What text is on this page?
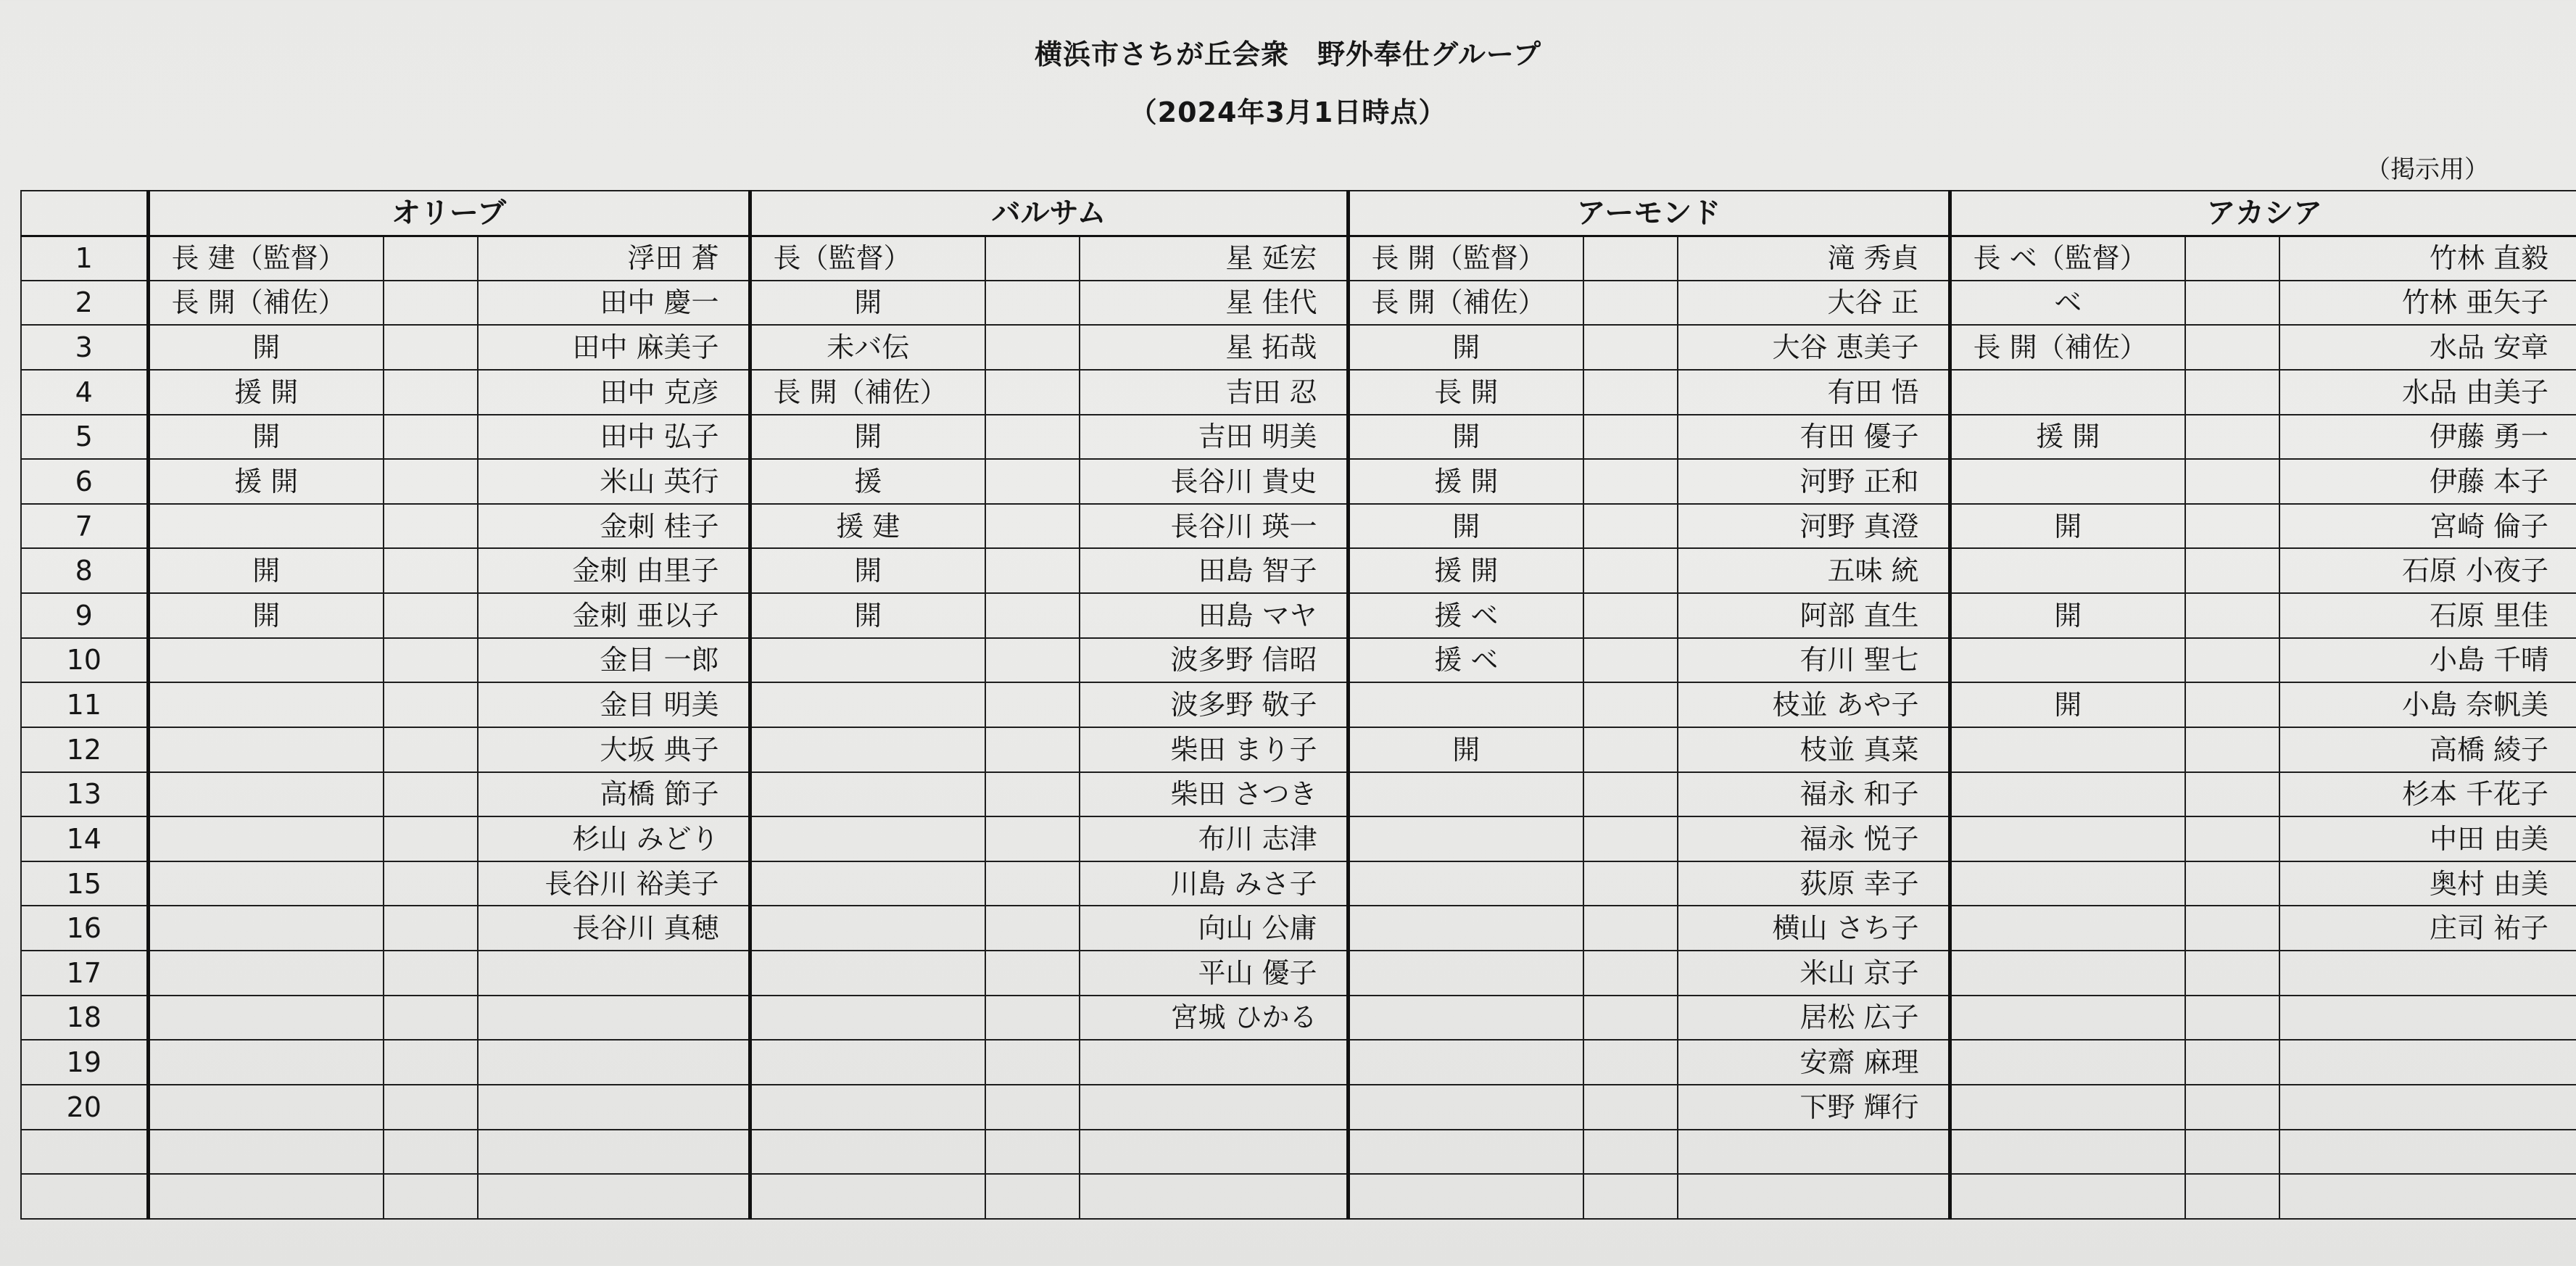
横浜市さちが丘会衆　野外奉仕グループ
（2024年3月1日時点）
（掲示用）
	オリーブ			バルサム			アーモンド			アカシア		
1	長 建（監督）		浮田 蒼	長（監督）		星 延宏	長 開（監督）		滝 秀貞	長 ベ（監督）		竹林 直毅
2	長 開（補佐）		田中 慶一	開		星 佳代	長 開（補佐）		大谷 正	ベ		竹林 亜矢子
3	開		田中 麻美子	未バ伝		星 拓哉	開		大谷 恵美子	長 開（補佐）		水品 安章
4	援 開		田中 克彦	長 開（補佐）		吉田 忍	長 開		有田 悟			水品 由美子
5	開		田中 弘子	開		吉田 明美	開		有田 優子	援 開		伊藤 勇一
6	援 開		米山 英行	援		長谷川 貴史	援 開		河野 正和			伊藤 本子
7			金刺 桂子	援 建		長谷川 瑛一	開		河野 真澄	開		宮崎 倫子
8	開		金刺 由里子	開		田島 智子	援 開		五味 統			石原 小夜子
9	開		金刺 亜以子	開		田島 マヤ	援 ベ		阿部 直生	開		石原 里佳
10			金目 一郎			波多野 信昭	援 ベ		有川 聖七			小島 千晴
11			金目 明美			波多野 敬子			枝並 あや子	開		小島 奈帆美
12			大坂 典子			柴田 まり子	開		枝並 真菜			高橋 綾子
13			高橋 節子			柴田 さつき			福永 和子			杉本 千花子
14			杉山 みどり			布川 志津			福永 悦子			中田 由美
15			長谷川 裕美子			川島 みさ子			荻原 幸子			奥村 由美
16			長谷川 真穂			向山 公庸			横山 さち子			庄司 祐子
17						平山 優子			米山 京子			
18						宮城 ひかる			居松 広子			
19									安齋 麻理			
20									下野 輝行			
